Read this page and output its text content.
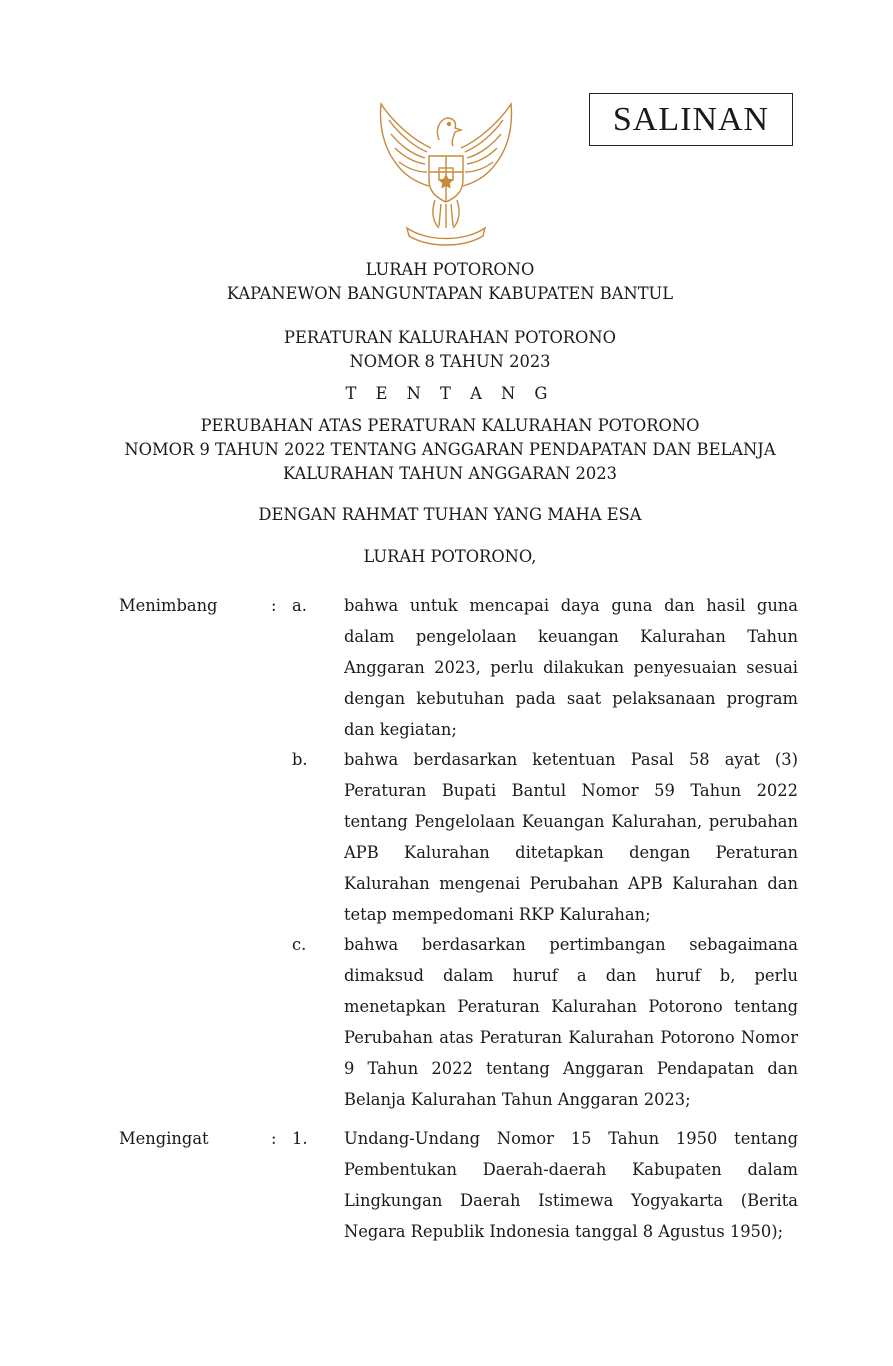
SALINAN
LURAH POTORONO
KAPANEWON BANGUNTAPAN KABUPATEN BANTUL
PERATURAN KALURAHAN POTORONO
NOMOR 8 TAHUN 2023
T E N T A N G
PERUBAHAN ATAS PERATURAN KALURAHAN POTORONO
NOMOR 9 TAHUN 2022 TENTANG ANGGARAN PENDAPATAN DAN BELANJA
KALURAHAN TAHUN ANGGARAN 2023
DENGAN RAHMAT TUHAN YANG MAHA ESA
LURAH POTORONO,
Menimbang	: a. bahwa untuk mencapai daya guna dan hasil guna dalam pengelolaan keuangan Kalurahan Tahun Anggaran 2023, perlu dilakukan penyesuaian sesuai dengan kebutuhan pada saat pelaksanaan program dan kegiatan;
b. bahwa berdasarkan ketentuan Pasal 58 ayat (3) Peraturan Bupati Bantul Nomor 59 Tahun 2022 tentang Pengelolaan Keuangan Kalurahan, perubahan APB Kalurahan ditetapkan dengan Peraturan Kalurahan mengenai Perubahan APB Kalurahan dan tetap mempedomani RKP Kalurahan;
c. bahwa berdasarkan pertimbangan sebagaimana dimaksud dalam huruf a dan huruf b, perlu menetapkan Peraturan Kalurahan Potorono tentang Perubahan atas Peraturan Kalurahan Potorono Nomor 9 Tahun 2022 tentang Anggaran Pendapatan dan Belanja Kalurahan Tahun Anggaran 2023;
Mengingat	: 1. Undang-Undang Nomor 15 Tahun 1950 tentang Pembentukan Daerah-daerah Kabupaten dalam Lingkungan Daerah Istimewa Yogyakarta (Berita Negara Republik Indonesia tanggal 8 Agustus 1950);
